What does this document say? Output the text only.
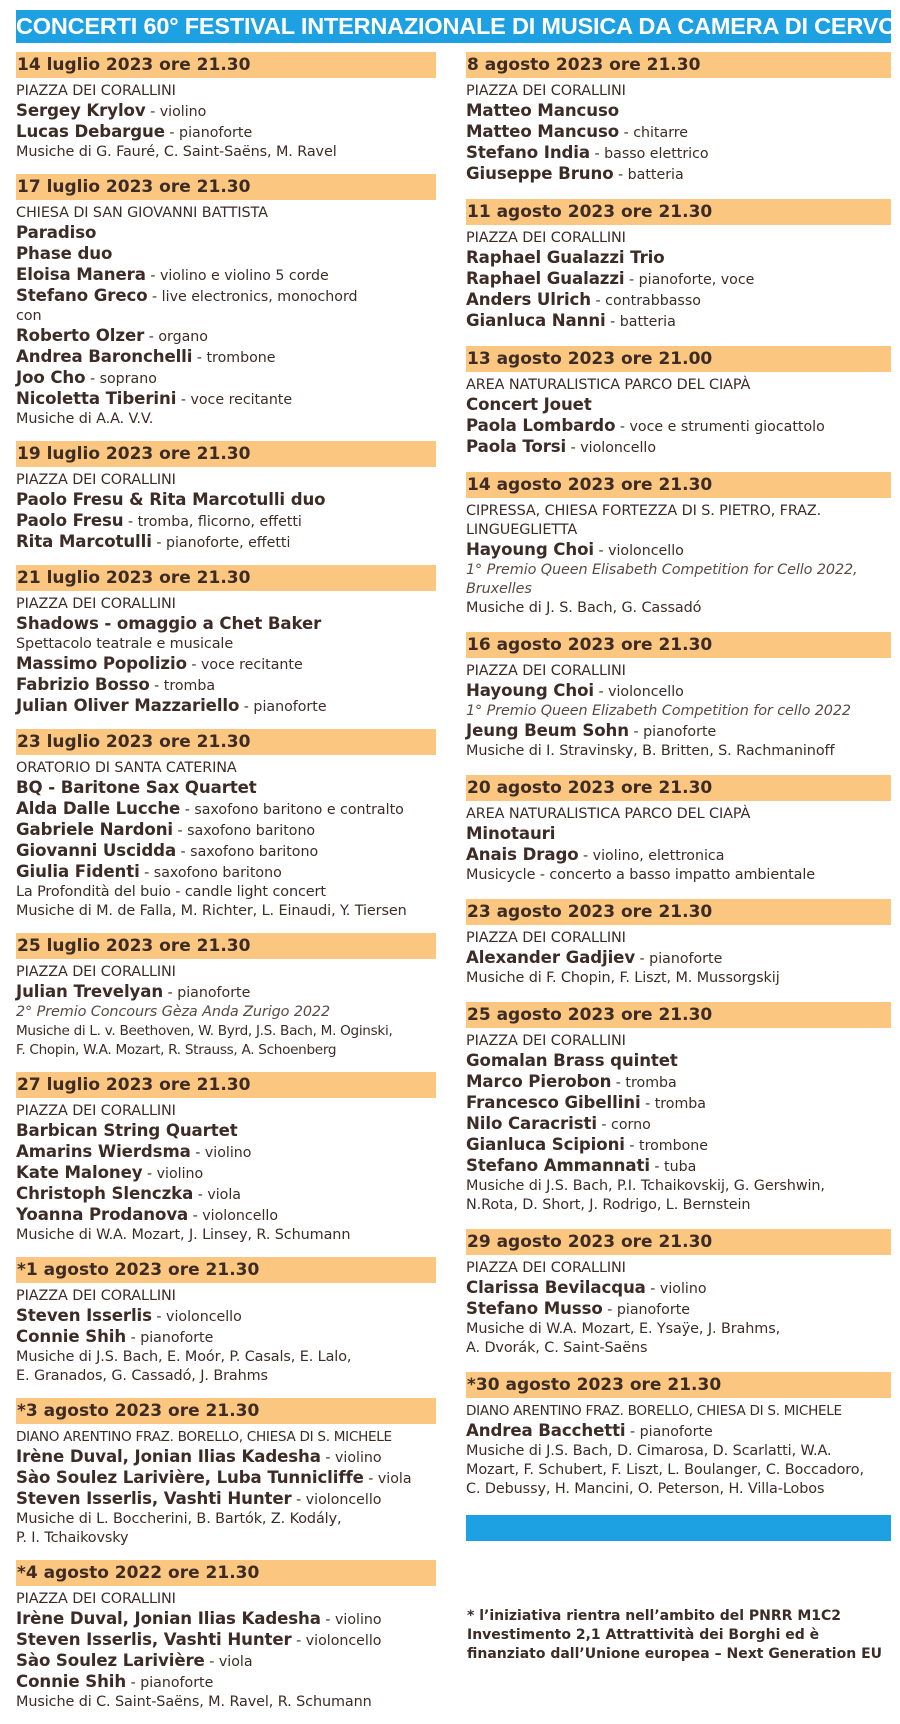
CONCERTI 60° FESTIVAL INTERNAZIONALE DI MUSICA DA CAMERA DI CERVO
14 luglio 2023 ore 21.30
PIAZZA DEI CORALLINI
Sergey Krylov - violino
Lucas Debargue - pianoforte
Musiche di G. Fauré, C. Saint-Saëns, M. Ravel
17 luglio 2023 ore 21.30
CHIESA DI SAN GIOVANNI BATTISTA
Paradiso
Phase duo
Eloisa Manera - violino e violino 5 corde
Stefano Greco - live electronics, monochord
con
Roberto Olzer - organo
Andrea Baronchelli - trombone
Joo Cho - soprano
Nicoletta Tiberini - voce recitante
Musiche di A.A. V.V.
19 luglio 2023 ore 21.30
PIAZZA DEI CORALLINI
Paolo Fresu & Rita Marcotulli duo
Paolo Fresu - tromba, flicorno, effetti
Rita Marcotulli - pianoforte, effetti
21 luglio 2023 ore 21.30
PIAZZA DEI CORALLINI
Shadows - omaggio a Chet Baker
Spettacolo teatrale e musicale
Massimo Popolizio - voce recitante
Fabrizio Bosso - tromba
Julian Oliver Mazzariello - pianoforte
23 luglio 2023 ore 21.30
ORATORIO DI SANTA CATERINA
BQ - Baritone Sax Quartet
Alda Dalle Lucche - saxofono baritono e contralto
Gabriele Nardoni - saxofono baritono
Giovanni Uscidda - saxofono baritono
Giulia Fidenti - saxofono baritono
La Profondità del buio - candle light concert
Musiche di M. de Falla, M. Richter, L. Einaudi, Y. Tiersen
25 luglio 2023 ore 21.30
PIAZZA DEI CORALLINI
Julian Trevelyan - pianoforte
2° Premio Concours Gèza Anda Zurigo 2022
Musiche di L. v. Beethoven, W. Byrd, J.S. Bach, M. Oginski,
F. Chopin, W.A. Mozart, R. Strauss, A. Schoenberg
27 luglio 2023 ore 21.30
PIAZZA DEI CORALLINI
Barbican String Quartet
Amarins Wierdsma - violino
Kate Maloney - violino
Christoph Slenczka - viola
Yoanna Prodanova - violoncello
Musiche di W.A. Mozart, J. Linsey, R. Schumann
*1 agosto 2023 ore 21.30
PIAZZA DEI CORALLINI
Steven Isserlis - violoncello
Connie Shih - pianoforte
Musiche di J.S. Bach, E. Moór, P. Casals, E. Lalo,
E. Granados, G. Cassadó, J. Brahms
*3 agosto 2023 ore 21.30
DIANO ARENTINO FRAZ. BORELLO, CHIESA DI S. MICHELE
Irène Duval, Jonian Ilias Kadesha - violino
Sào Soulez Larivière, Luba Tunnicliffe - viola
Steven Isserlis, Vashti Hunter - violoncello
Musiche di L. Boccherini, B. Bartók, Z. Kodály,
P. I. Tchaikovsky
*4 agosto 2022 ore 21.30
PIAZZA DEI CORALLINI
Irène Duval, Jonian Ilias Kadesha - violino
Steven Isserlis, Vashti Hunter - violoncello
Sào Soulez Larivière - viola
Connie Shih - pianoforte
Musiche di C. Saint-Saëns, M. Ravel, R. Schumann
8 agosto 2023 ore 21.30
PIAZZA DEI CORALLINI
Matteo Mancuso
Matteo Mancuso - chitarre
Stefano India - basso elettrico
Giuseppe Bruno - batteria
11 agosto 2023 ore 21.30
PIAZZA DEI CORALLINI
Raphael Gualazzi Trio
Raphael Gualazzi - pianoforte, voce
Anders Ulrich - contrabbasso
Gianluca Nanni - batteria
13 agosto 2023 ore 21.00
AREA NATURALISTICA PARCO DEL CIAPÀ
Concert Jouet
Paola Lombardo - voce e strumenti giocattolo
Paola Torsi - violoncello
14 agosto 2023 ore 21.30
CIPRESSA, CHIESA FORTEZZA DI S. PIETRO, FRAZ.
LINGUEGLIETTA
Hayoung Choi - violoncello
1° Premio Queen Elisabeth Competition for Cello 2022,
Bruxelles
Musiche di J. S. Bach, G. Cassadó
16 agosto 2023 ore 21.30
PIAZZA DEI CORALLINI
Hayoung Choi - violoncello
1° Premio Queen Elizabeth Competition for cello 2022
Jeung Beum Sohn - pianoforte
Musiche di I. Stravinsky, B. Britten, S. Rachmaninoff
20 agosto 2023 ore 21.30
AREA NATURALISTICA PARCO DEL CIAPÀ
Minotauri
Anais Drago - violino, elettronica
Musicycle - concerto a basso impatto ambientale
23 agosto 2023 ore 21.30
PIAZZA DEI CORALLINI
Alexander Gadjiev - pianoforte
Musiche di F. Chopin, F. Liszt, M. Mussorgskij
25 agosto 2023 ore 21.30
PIAZZA DEI CORALLINI
Gomalan Brass quintet
Marco Pierobon - tromba
Francesco Gibellini - tromba
Nilo Caracristi - corno
Gianluca Scipioni - trombone
Stefano Ammannati - tuba
Musiche di J.S. Bach, P.I. Tchaikovskij, G. Gershwin,
N.Rota, D. Short, J. Rodrigo, L. Bernstein
29 agosto 2023 ore 21.30
PIAZZA DEI CORALLINI
Clarissa Bevilacqua - violino
Stefano Musso - pianoforte
Musiche di W.A. Mozart, E. Ysaÿe, J. Brahms,
A. Dvorák, C. Saint-Saëns
*30 agosto 2023 ore 21.30
DIANO ARENTINO FRAZ. BORELLO, CHIESA DI S. MICHELE
Andrea Bacchetti - pianoforte
Musiche di J.S. Bach, D. Cimarosa, D. Scarlatti, W.A.
Mozart, F. Schubert, F. Liszt, L. Boulanger, C. Boccadoro,
C. Debussy, H. Mancini, O. Peterson, H. Villa-Lobos
* l’iniziativa rientra nell’ambito del PNRR M1C2
Investimento 2,1 Attrattività dei Borghi ed è
finanziato dall’Unione europea – Next Generation EU
